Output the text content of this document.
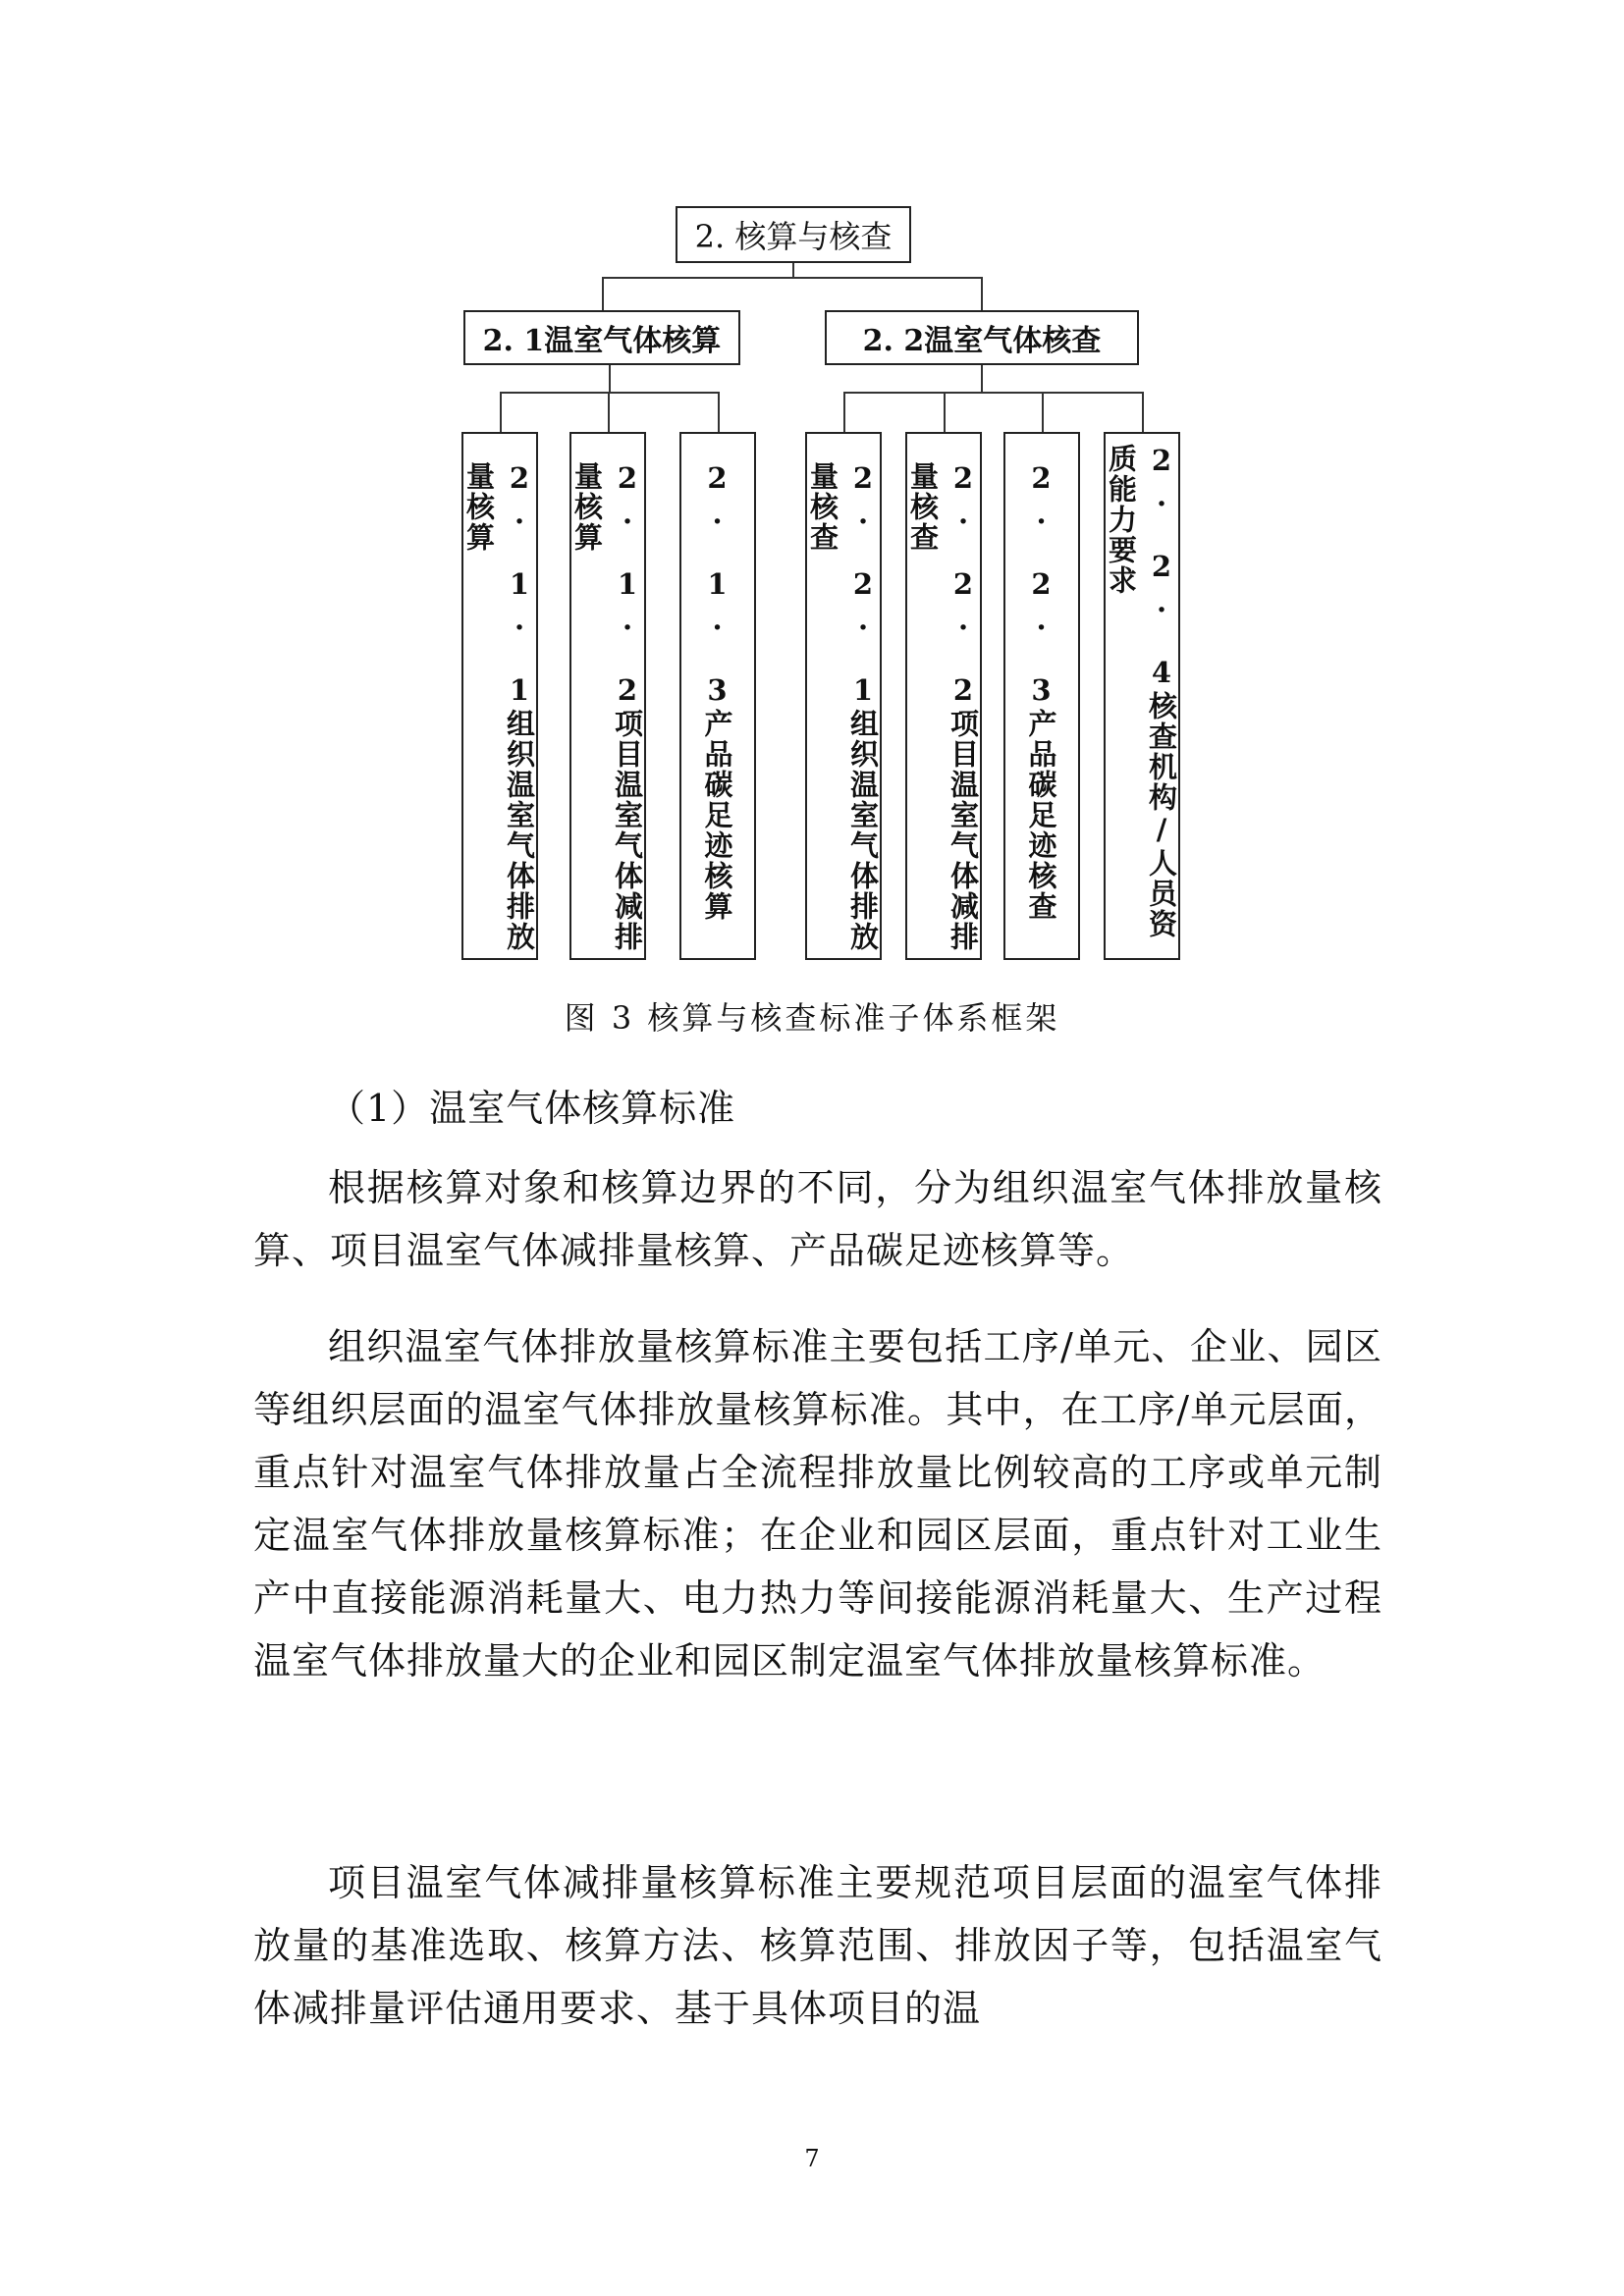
2. 核算与核查
2. 1温室气体核算	2. 2温室气体核查
2. 1. 1组织温室气体排放量核算	2. 1. 2项目温室气体减排量核算	2. 1. 3产品碳足迹核算	2. 2. 1组织温室气体排放量核查	2. 2. 2项目温室气体减排量核查	2. 2. 3产品碳足迹核查	2. 2. 4核查机构/人员资质能力要求
图 3 核算与核查标准子体系框架
（1）温室气体核算标准

根据核算对象和核算边界的不同，分为组织温室气体排放量核算、项目温室气体减排量核算、产品碳足迹核算等。

组织温室气体排放量核算标准主要包括工序/单元、企业、园区等组织层面的温室气体排放量核算标准。其中，在工序/单元层面，重点针对温室气体排放量占全流程排放量比例较高的工序或单元制定温室气体排放量核算标准；在企业和园区层面，重点针对工业生产中直接能源消耗量大、电力热力等间接能源消耗量大、生产过程温室气体排放量大的企业和园区制定温室气体排放量核算标准。

项目温室气体减排量核算标准主要规范项目层面的温室气体排放量的基准选取、核算方法、核算范围、排放因子等，包括温室气体减排量评估通用要求、基于具体项目的温

7
